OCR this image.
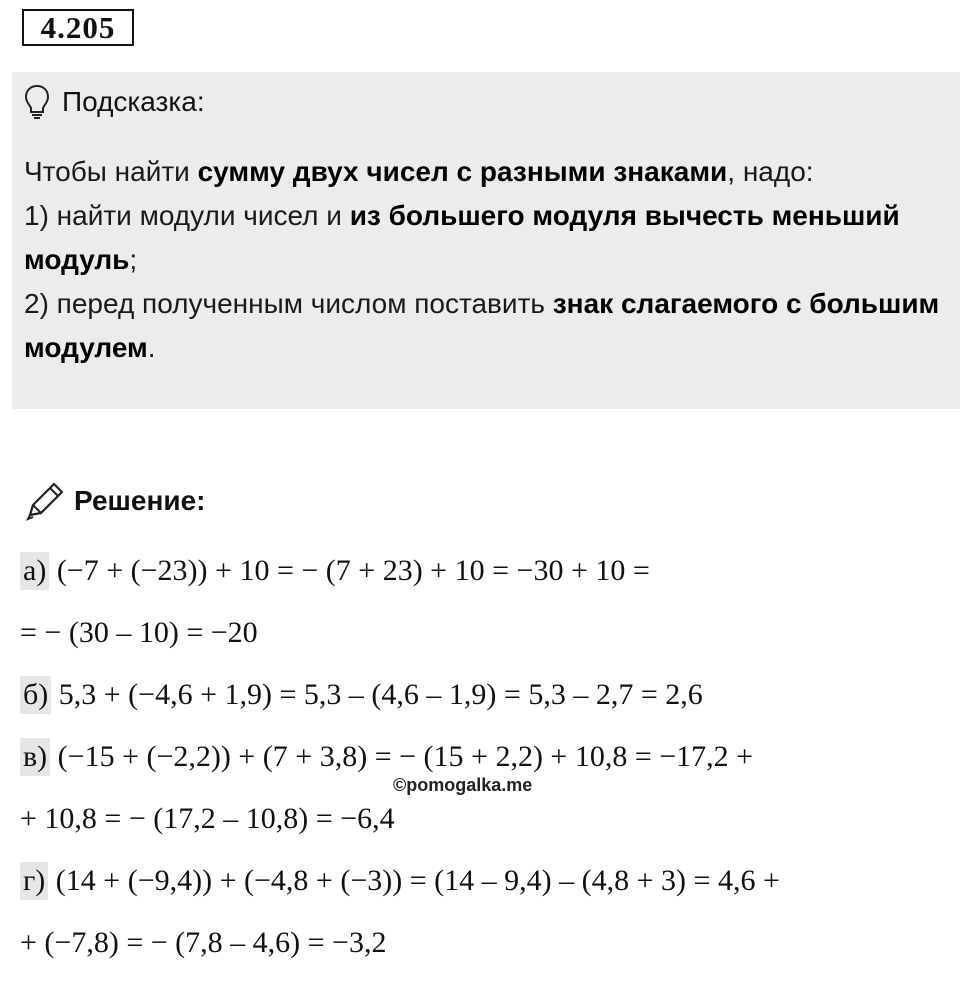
4.205
Подсказка:
Чтобы найти сумму двух чисел с разными знаками, надо:
1) найти модули чисел и из большего модуля вычесть меньший модуль;
2) перед полученным числом поставить знак слагаемого с большим модулем.
Решение:
а) (−7 + (−23)) + 10 = − (7 + 23) + 10 = −30 + 10 =
= − (30 – 10) = −20
б) 5,3 + (−4,6 + 1,9) = 5,3 – (4,6 – 1,9) = 5,3 – 2,7 = 2,6
в) (−15 + (−2,2)) + (7 + 3,8) = − (15 + 2,2) + 10,8 = −17,2 +
+ 10,8 = − (17,2 – 10,8) = −6,4
г) (14 + (−9,4)) + (−4,8 + (−3)) = (14 – 9,4) – (4,8 + 3) = 4,6 +
+ (−7,8) = − (7,8 – 4,6) = −3,2
©pomogalka.me
